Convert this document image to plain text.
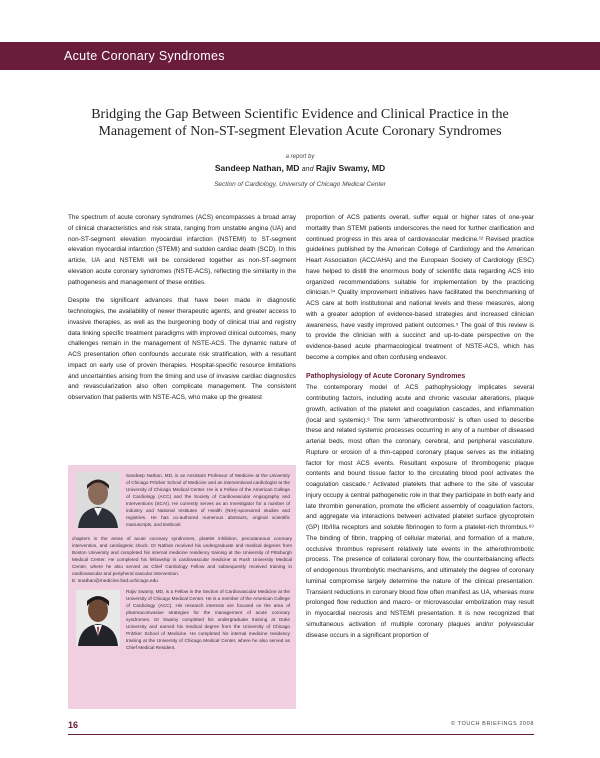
Acute Coronary Syndromes
Bridging the Gap Between Scientific Evidence and Clinical Practice in the
Management of Non-ST-segment Elevation Acute Coronary Syndromes
a report by
Sandeep Nathan, MD and Rajiv Swamy, MD
Section of Cardiology, University of Chicago Medical Center

The spectrum of acute coronary syndromes (ACS) encompasses a broad array of clinical characteristics and risk strata, ranging from unstable angina (UA) and non-ST-segment elevation myocardial infarction (NSTEMI) to ST-segment elevation myocardial infarction (STEMI) and sudden cardiac death (SCD). In this article, UA and NSTEMI will be considered together as non-ST-segment elevation acute coronary syndromes (NSTE-ACS), reflecting the similarity in the pathogenesis and management of these entities.

Despite the significant advances that have been made in diagnostic technologies, the availability of newer therapeutic agents, and greater access to invasive therapies, as well as the burgeoning body of clinical trial and registry data linking specific treatment paradigms with improved clinical outcomes, many challenges remain in the management of NSTE-ACS. The dynamic nature of ACS presentation often confounds accurate risk stratification, with a resultant impact on early use of proven therapies. Hospital-specific resource limitations and uncertainties arising from the timing and use of invasive cardiac diagnostics and revascularization also often complicate management. The consistent observation that patients with NSTE-ACS, who make up the greatest

proportion of ACS patients overall, suffer equal or higher rates of one-year mortality than STEMI patients underscores the need for further clarification and continued progress in this area of cardiovascular medicine.¹² Revised practice guidelines published by the American College of Cardiology and the American Heart Association (ACC/AHA) and the European Society of Cardiology (ESC) have helped to distill the enormous body of scientific data regarding ACS into organized recommendations suitable for implementation by the practicing clinician.³⁴ Quality improvement initiatives have facilitated the benchmarking of ACS care at both institutional and national levels and these measures, along with a greater adoption of evidence-based strategies and increased clinician awareness, have vastly improved patient outcomes.⁵ The goal of this review is to provide the clinician with a succinct and up-to-date perspective on the evidence-based acute pharmacological treatment of NSTE-ACS, which has become a complex and often confusing endeavor.

Pathophysiology of Acute Coronary Syndromes

The contemporary model of ACS pathophysiology implicates several contributing factors, including acute and chronic vascular alterations, plaque growth, activation of the platelet and coagulation cascades, and inflammation (local and systemic).⁶ The term 'atherothrombosis' is often used to describe these and related systemic processes occurring in any of a number of diseased arterial beds, most often the coronary, cerebral, and peripheral vasculature. Rupture or erosion of a thin-capped coronary plaque serves as the initiating factor for most ACS events. Resultant exposure of thrombogenic plaque contents and bound tissue factor to the circulating blood pool activates the coagulation cascade.⁷ Activated platelets that adhere to the site of vascular injury occupy a central pathogenetic role in that they participate in both early and late thrombin generation, promote the efficient assembly of coagulation factors, and aggregate via interactions between activated platelet surface glycoprotein (GP) IIb/IIIa receptors and soluble fibrinogen to form a platelet-rich thrombus.⁸⁹ The binding of fibrin, trapping of cellular material, and formation of a mature, occlusive thrombus represent relatively late events in the atherothrombotic process. The presence of collateral coronary flow, the counterbalancing effects of endogenous thrombolytic mechanisms, and ultimately the degree of coronary luminal compromise largely determine the nature of the clinical presentation. Transient reductions in coronary blood flow often manifest as UA, whereas more prolonged flow reduction and macro- or microvascular embolization may result in myocardial necrosis and NSTEMI presentation. It is now recognized that simultaneous activation of multiple coronary plaques and/or polyvascular disease occurs in a significant proportion of

Sandeep Nathan, MD, is an Assistant Professor of Medicine at the University of Chicago Pritzker School of Medicine and an interventional cardiologist at the University of Chicago Medical Center. He is a Fellow of the American College of Cardiology (ACC) and the Society of Cardiovascular Angiography and Interventions (SCAI). He currently serves as an Investigator for a number of industry and National Institutes of Health (NIH)-sponsored studies and registries. He has co-authored numerous abstracts, original scientific manuscripts, and textbook
chapters in the areas of acute coronary syndromes, platelet inhibition, percutaneous coronary intervention, and cardiogenic shock. Dr Nathan received his undergraduate and medical degrees from Boston University and completed his internal medicine residency training at the University of Pittsburgh Medical Center. He completed his fellowship in cardiovascular medicine at Rush University Medical Center, where he also served as Chief Cardiology Fellow and subsequently received training in cardiovascular and peripheral vascular intervention.
E: snathan@medicine.bsd.uchicago.edu
Rajiv Swamy, MD, is a Fellow in the Section of Cardiovascular Medicine at the University of Chicago Medical Center. He is a member of the American College of Cardiology (ACC). His research interests are focused on the area of pharmacoinvasive strategies for the management of acute coronary syndromes. Dr Swamy completed his undergraduate training at Duke University and earned his medical degree from the University of Chicago Pritzker School of Medicine. He completed his internal medicine residency training at the University of Chicago Medical Center, where he also served as Chief Medical Resident.
16	© TOUCH BRIEFINGS 2008
